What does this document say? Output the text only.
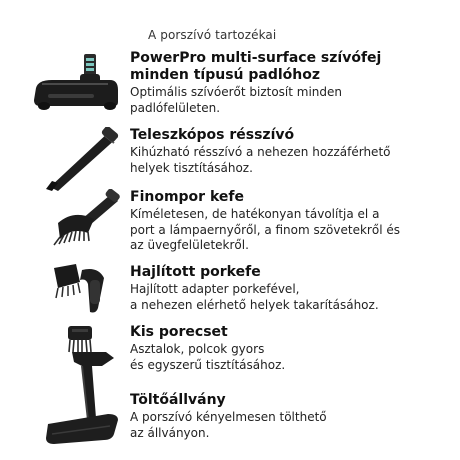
A porszívó tartozékai
PowerPro multi-surface szívófej
minden típusú padlóhoz
Optimális szívóerőt biztosít minden
padlófelületen.
Teleszkópos résszívó
Kihúzható résszívó a nehezen hozzáférhető
helyek tisztításához.
Finompor kefe
Kíméletesen, de hatékonyan távolítja el a
port a lámpaernyőről, a finom szövetekről és
az üvegfelületekről.
Hajlított porkefe
Hajlított adapter porkefével,
a nehezen elérhető helyek takarításához.
Kis porecset
Asztalok, polcok gyors
és egyszerű tisztításához.
Töltőállvány
A porszívó kényelmesen tölthető
az állványon.
